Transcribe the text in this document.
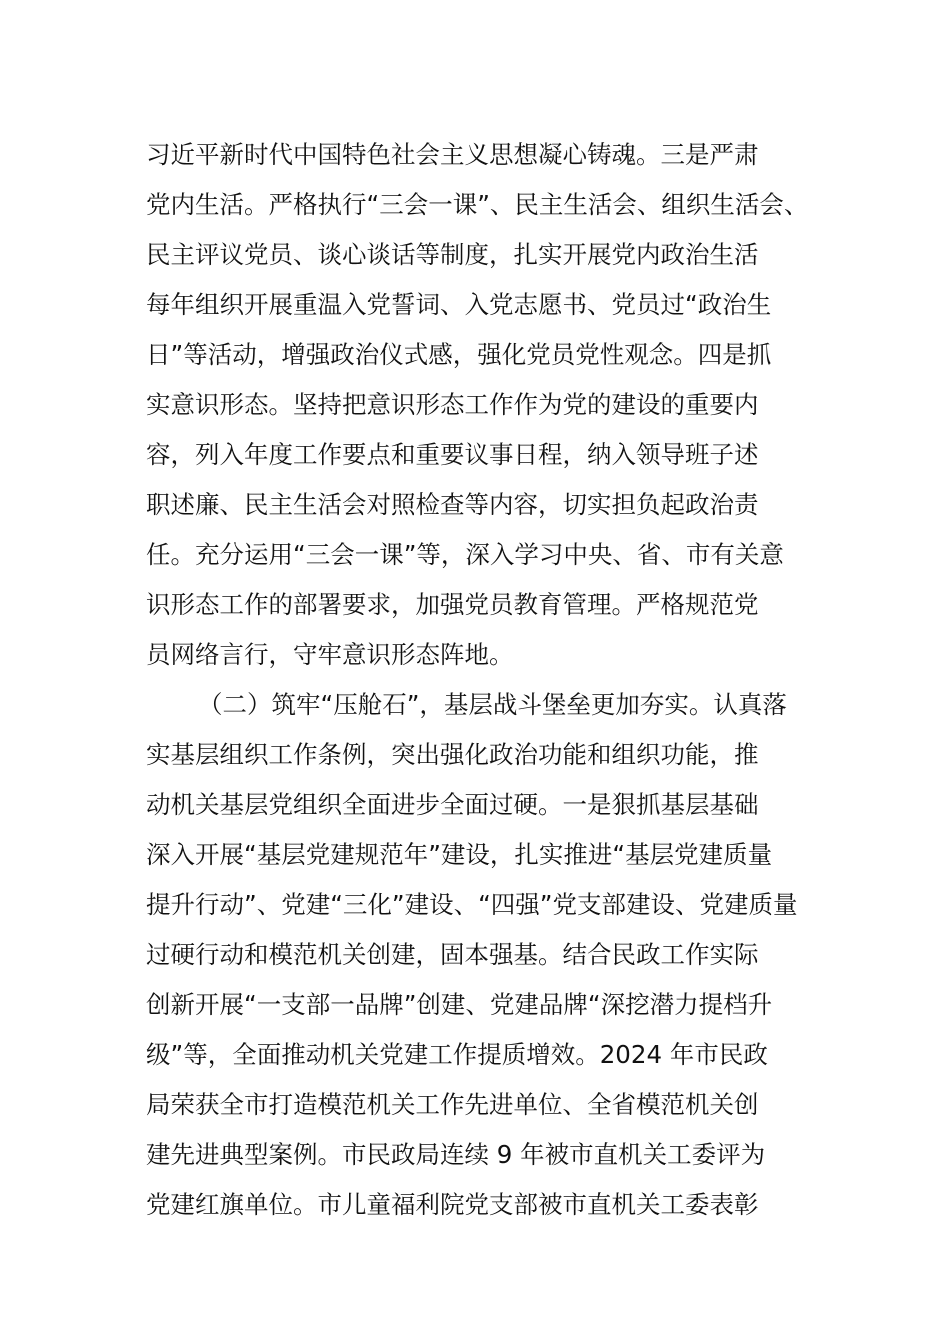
习近平新时代中国特色社会主义思想凝心铸魂。三是严肃
党内生活。严格执行“三会一课”、民主生活会、组织生活会、
民主评议党员、谈心谈话等制度，扎实开展党内政治生活
每年组织开展重温入党誓词、入党志愿书、党员过“政治生
日”等活动，增强政治仪式感，强化党员党性观念。四是抓
实意识形态。坚持把意识形态工作作为党的建设的重要内
容，列入年度工作要点和重要议事日程，纳入领导班子述
职述廉、民主生活会对照检查等内容，切实担负起政治责
任。充分运用“三会一课”等，深入学习中央、省、市有关意
识形态工作的部署要求，加强党员教育管理。严格规范党
员网络言行，守牢意识形态阵地。
（二）筑牢“压舱石”，基层战斗堡垒更加夯实。认真落
实基层组织工作条例，突出强化政治功能和组织功能，推
动机关基层党组织全面进步全面过硬。一是狠抓基层基础
深入开展“基层党建规范年”建设，扎实推进“基层党建质量
提升行动”、党建“三化”建设、“四强”党支部建设、党建质量
过硬行动和模范机关创建，固本强基。结合民政工作实际
创新开展“一支部一品牌”创建、党建品牌“深挖潜力提档升
级”等，全面推动机关党建工作提质增效。2024 年市民政
局荣获全市打造模范机关工作先进单位、全省模范机关创
建先进典型案例。市民政局连续 9 年被市直机关工委评为
党建红旗单位。市儿童福利院党支部被市直机关工委表彰
